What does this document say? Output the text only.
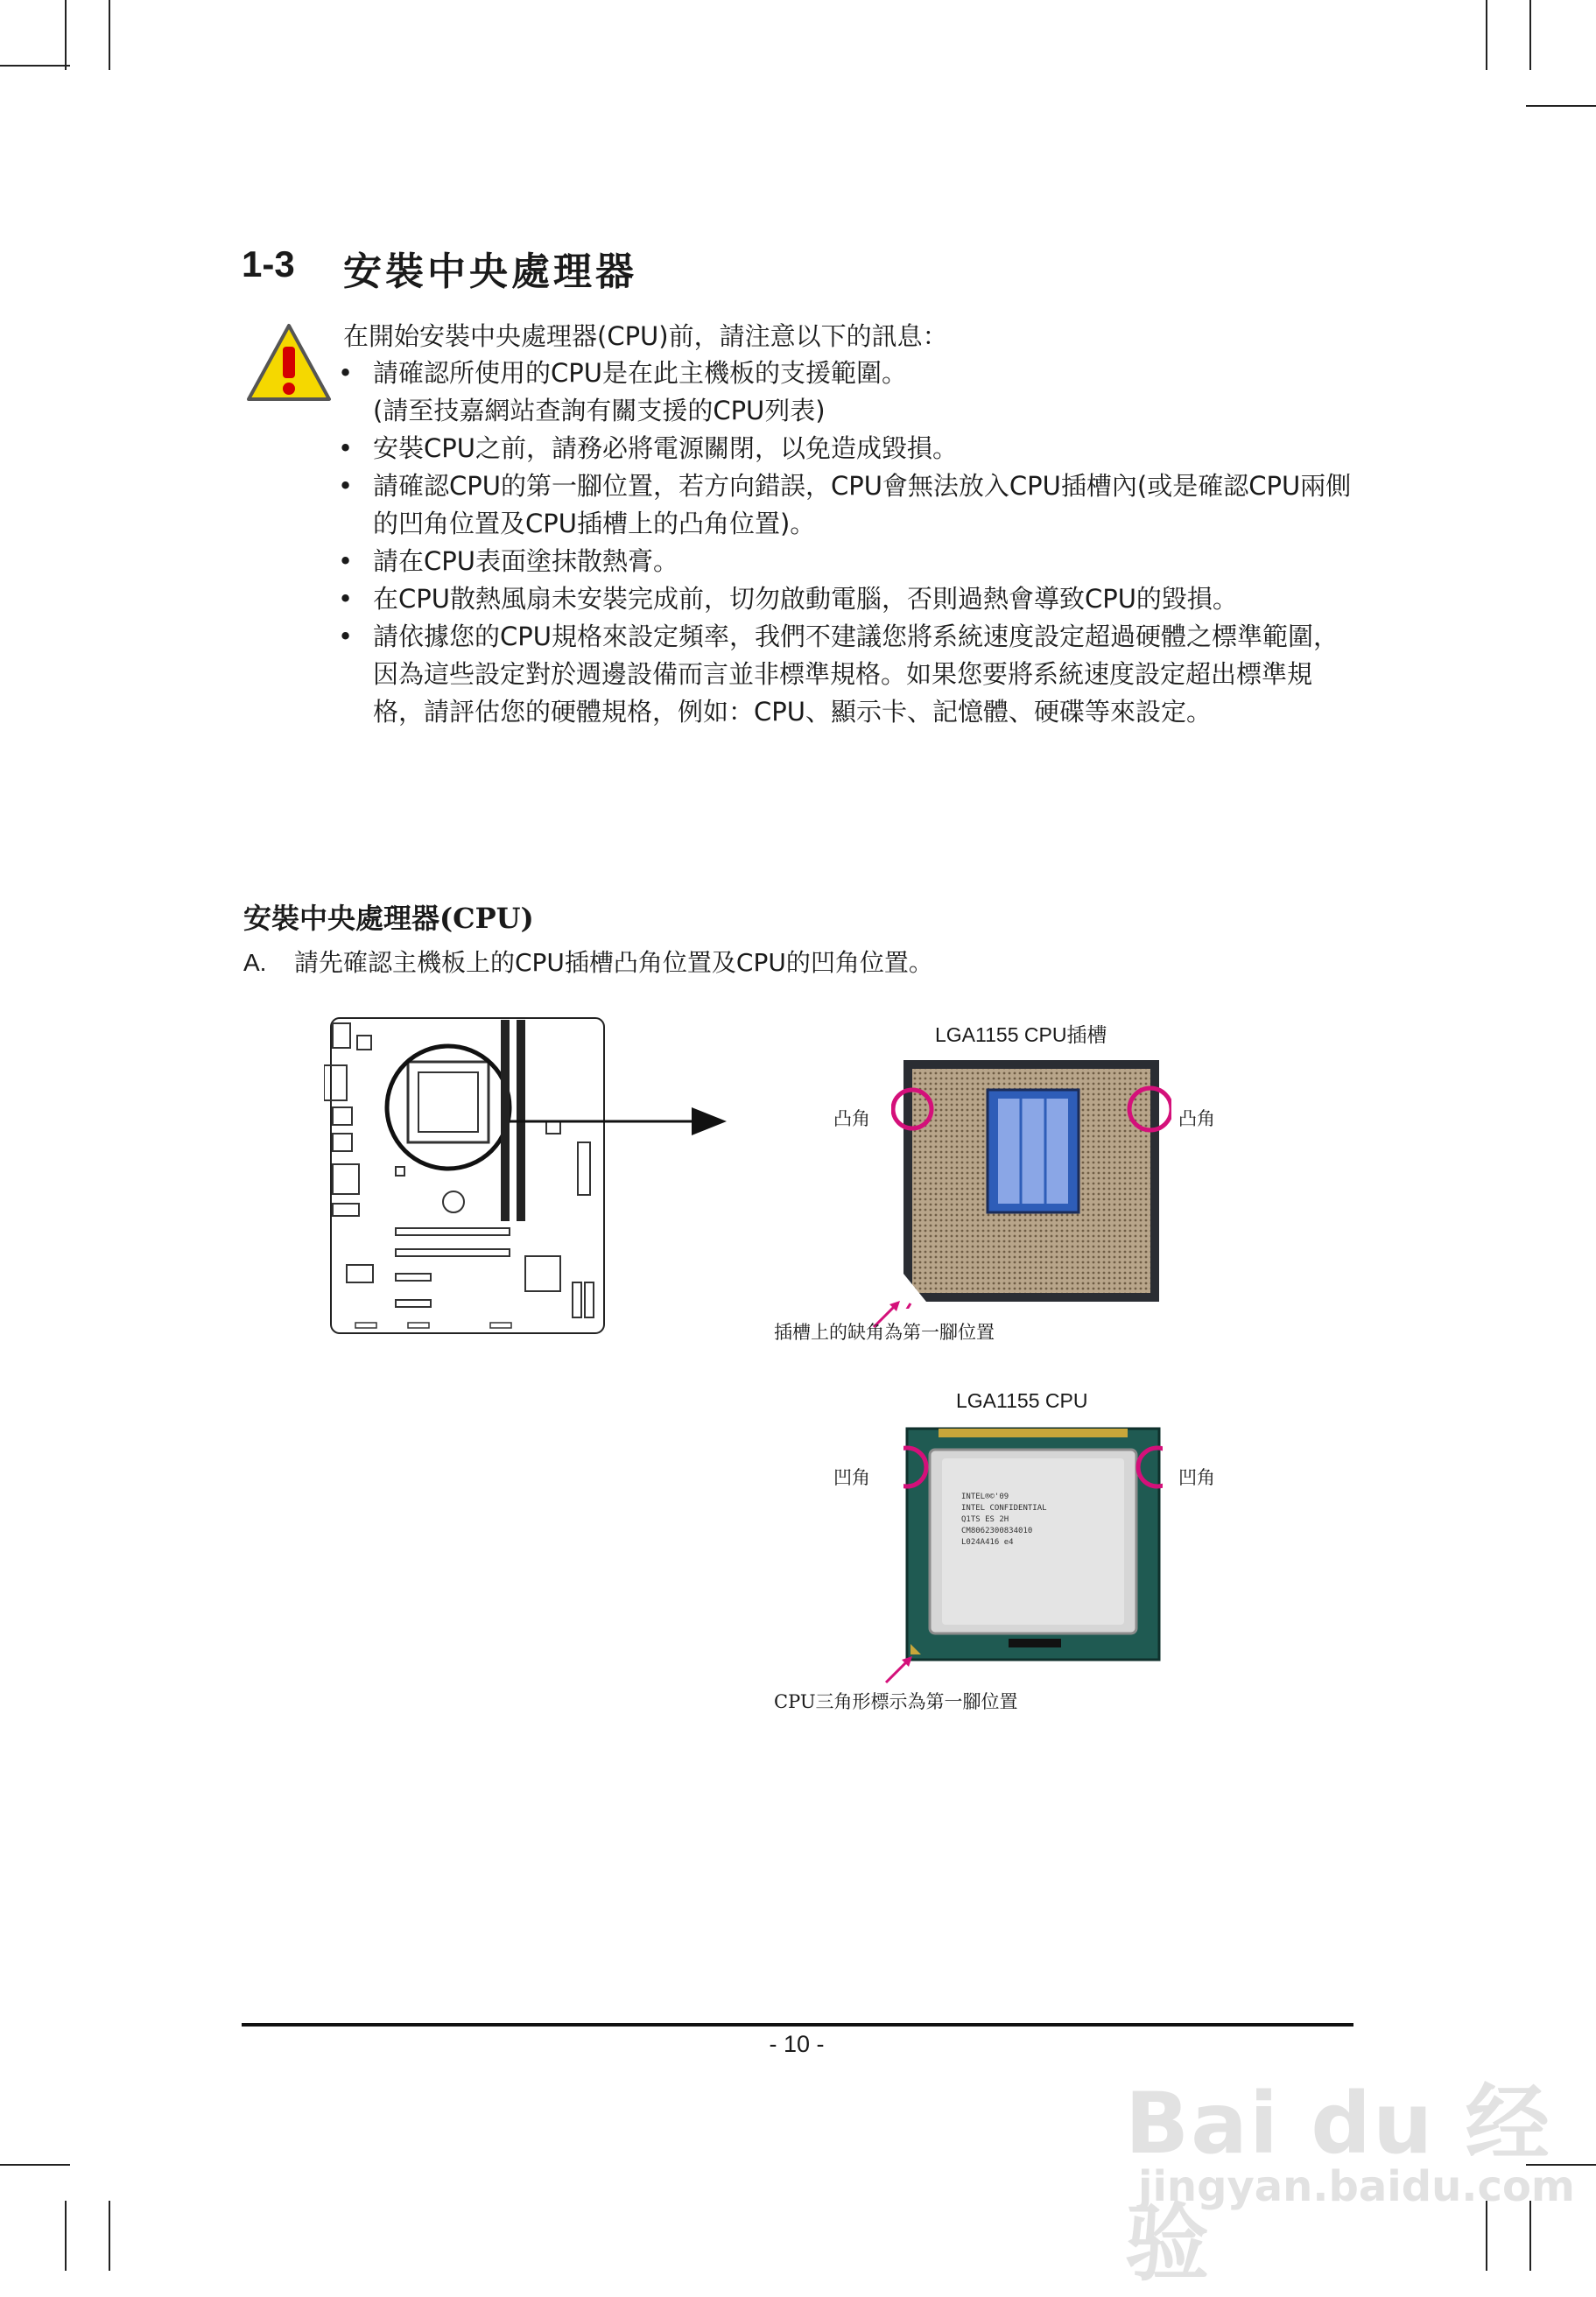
1-3 安裝中央處理器
在開始安裝中央處理器(CPU)前，請注意以下的訊息：
• 請確認所使用的CPU是在此主機板的支援範圍。
(請至技嘉網站查詢有關支援的CPU列表)
• 安裝CPU之前，請務必將電源關閉，以免造成毀損。
• 請確認CPU的第一腳位置，若方向錯誤，CPU會無法放入CPU插槽內(或是確認CPU兩側的凹角位置及CPU插槽上的凸角位置)。
• 請在CPU表面塗抹散熱膏。
• 在CPU散熱風扇未安裝完成前，切勿啟動電腦，否則過熱會導致CPU的毀損。
• 請依據您的CPU規格來設定頻率，我們不建議您將系統速度設定超過硬體之標準範圍，因為這些設定對於週邊設備而言並非標準規格。如果您要將系統速度設定超出標準規格，請評估您的硬體規格，例如：CPU、顯示卡、記憶體、硬碟等來設定。
安裝中央處理器(CPU)
A. 請先確認主機板上的CPU插槽凸角位置及CPU的凹角位置。
LGA1155 CPU插槽
凸角	凸角
插槽上的缺角為第一腳位置
LGA1155 CPU
凹角	凹角
INTEL®©'09
INTEL CONFIDENTIAL
Q1TS ES 2H
CM8062300834010
L024A416 e4
CPU三角形標示為第一腳位置
- 10 -
Bai du 经验
jingyan.baidu.com
